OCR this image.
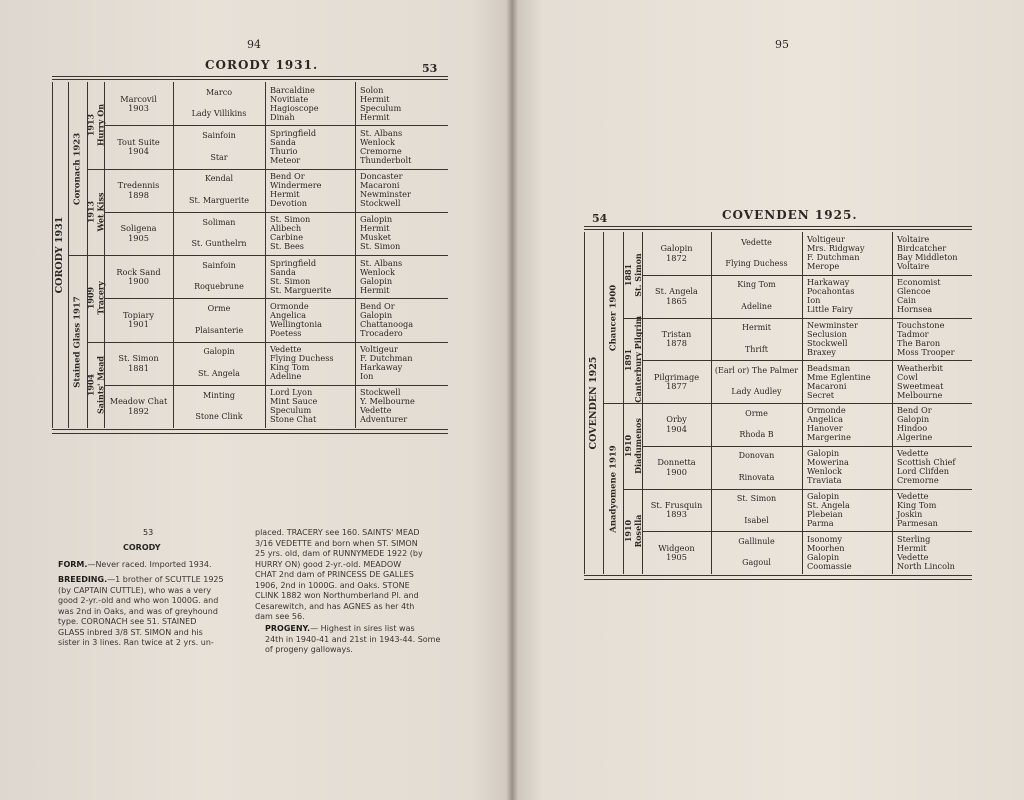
94
CORODY 1931.	53
CORODY 1931
Coronach 1923
Stained Glass 1917
1913 Hurry On
1913 Wet Kiss
1909 Tracery
1904 Saints' Mead
Marcovil
1903
Tout Suite
1904
Tredennis
1898
Soligena
1905
Rock Sand
1900
Topiary
1901
St. Simon
1881
Meadow Chat
1892
Marco
Lady Villikins
Sainfoin
Star
Kendal
St. Marguerite
Soliman
St. Gunthelrn
Sainfoin
Roquebrune
Orme
Plaisanterie
Galopin
St. Angela
Minting
Stone Clink
Barcaldine
Novitiate
Hagioscope
Dinah
Springfield
Sanda
Thurio
Meteor
Bend Or
Windermere
Hermit
Devotion
St. Simon
Alibech
Carbine
St. Bees
Springfield
Sanda
St. Simon
St. Marguerite
Ormonde
Angelica
Wellingtonia
Poetess
Vedette
Flying Duchess
King Tom
Adeline
Lord Lyon
Mint Sauce
Speculum
Stone Chat
Solon
Hermit
Speculum
Hermit
St. Albans
Wenlock
Cremorne
Thunderbolt
Doncaster
Macaroni
Newminster
Stockwell
Galopin
Hermit
Musket
St. Simon
St. Albans
Wenlock
Galopin
Hermit
Bend Or
Galopin
Chattanooga
Trocadero
Voltigeur
F. Dutchman
Harkaway
Ion
Stockwell
Y. Melbourne
Vedette
Adventurer
53
CORODY
FORM.—Never raced. Imported 1934.
BREEDING.—1 brother of SCUTTLE 1925
(by CAPTAIN CUTTLE), who was a very
good 2-yr.-old and who won 1000G. and
was 2nd in Oaks, and was of greyhound
type. CORONACH see 51. STAINED
GLASS inbred 3/8 ST. SIMON and his
sister in 3 lines. Ran twice at 2 yrs. un-
placed. TRACERY see 160. SAINTS' MEAD
3/16 VEDETTE and born when ST. SIMON
25 yrs. old, dam of RUNNYMEDE 1922 (by
HURRY ON) good 2-yr.-old. MEADOW
CHAT 2nd dam of PRINCESS DE GALLES
1906, 2nd in 1000G. and Oaks. STONE
CLINK 1882 won Northumberland Pl. and
Cesarewitch, and has AGNES as her 4th
dam see 56.
PROGENY.— Highest in sires list was
24th in 1940-41 and 21st in 1943-44. Some
of progeny galloways.
95
COVENDEN 1925.
54
COVENDEN 1925
Chaucer 1900
Anadyomene 1919
1881 St. Simon
1891 Canterbury Pilgrim
1910 Diadumenos
1910 Rosella
Galopin
1872
St. Angela
1865
Tristan
1878
Pilgrimage
1877
Orby
1904
Donnetta
1900
St. Frusquin
1893
Widgeon
1905
Vedette
Flying Duchess
King Tom
Adeline
Hermit
Thrift
(Earl or) The Palmer
Lady Audley
Orme
Rhoda B
Donovan
Rinovata
St. Simon
Isabel
Gallinule
Gagoul
Voltigeur
Mrs. Ridgway
F. Dutchman
Merope
Harkaway
Pocahontas
Ion
Little Fairy
Newminster
Seclusion
Stockwell
Braxey
Beadsman
Mme Eglentine
Macaroni
Secret
Ormonde
Angelica
Hanover
Margerine
Galopin
Mowerina
Wenlock
Traviata
Galopin
St. Angela
Plebeian
Parma
Isonomy
Moorhen
Galopin
Coomassie
Voltaire
Birdcatcher
Bay Middleton
Voltaire
Economist
Glencoe
Cain
Hornsea
Touchstone
Tadmor
The Baron
Moss Trooper
Weatherbit
Cowl
Sweetmeat
Melbourne
Bend Or
Galopin
Hindoo
Algerine
Vedette
Scottish Chief
Lord Clifden
Cremorne
Vedette
King Tom
Joskin
Parmesan
Sterling
Hermit
Vedette
North Lincoln
